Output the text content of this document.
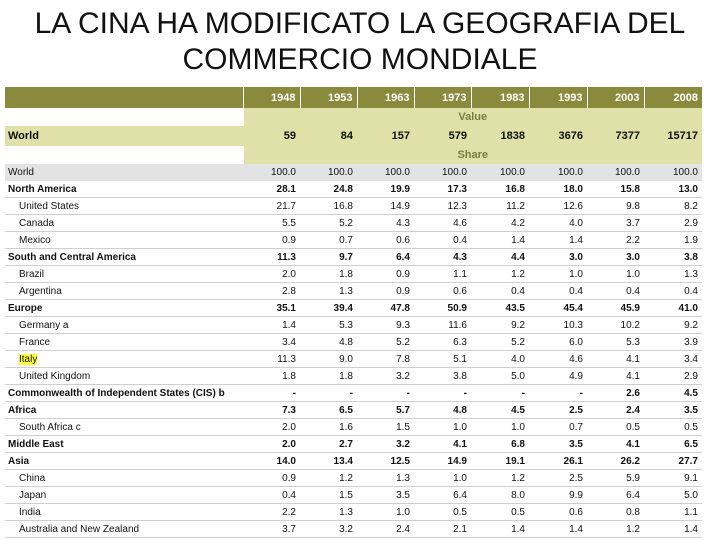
LA CINA HA MODIFICATO LA GEOGRAFIA DEL COMMERCIO MONDIALE
	1948	1953	1963	1973	1983	1993	2003	2008
	Value							
World	59	84	157	579	1838	3676	7377	15717
	Share							
World	100.0	100.0	100.0	100.0	100.0	100.0	100.0	100.0
North America	28.1	24.8	19.9	17.3	16.8	18.0	15.8	13.0
United States	21.7	16.8	14.9	12.3	11.2	12.6	9.8	8.2
Canada	5.5	5.2	4.3	4.6	4.2	4.0	3.7	2.9
Mexico	0.9	0.7	0.6	0.4	1.4	1.4	2.2	1.9
South and Central America	11.3	9.7	6.4	4.3	4.4	3.0	3.0	3.8
Brazil	2.0	1.8	0.9	1.1	1.2	1.0	1.0	1.3
Argentina	2.8	1.3	0.9	0.6	0.4	0.4	0.4	0.4
Europe	35.1	39.4	47.8	50.9	43.5	45.4	45.9	41.0
Germany a	1.4	5.3	9.3	11.6	9.2	10.3	10.2	9.2
France	3.4	4.8	5.2	6.3	5.2	6.0	5.3	3.9
Italy	11.3	9.0	7.8	5.1	4.0	4.6	4.1	3.4
United Kingdom	1.8	1.8	3.2	3.8	5.0	4.9	4.1	2.9
Commonwealth of Independent States (CIS) b	-	-	-	-	-	-	2.6	4.5
Africa	7.3	6.5	5.7	4.8	4.5	2.5	2.4	3.5
South Africa c	2.0	1.6	1.5	1.0	1.0	0.7	0.5	0.5
Middle East	2.0	2.7	3.2	4.1	6.8	3.5	4.1	6.5
Asia	14.0	13.4	12.5	14.9	19.1	26.1	26.2	27.7
China	0.9	1.2	1.3	1.0	1.2	2.5	5.9	9.1
Japan	0.4	1.5	3.5	6.4	8.0	9.9	6.4	5.0
India	2.2	1.3	1.0	0.5	0.5	0.6	0.8	1.1
Australia and New Zealand	3.7	3.2	2.4	2.1	1.4	1.4	1.2	1.4
